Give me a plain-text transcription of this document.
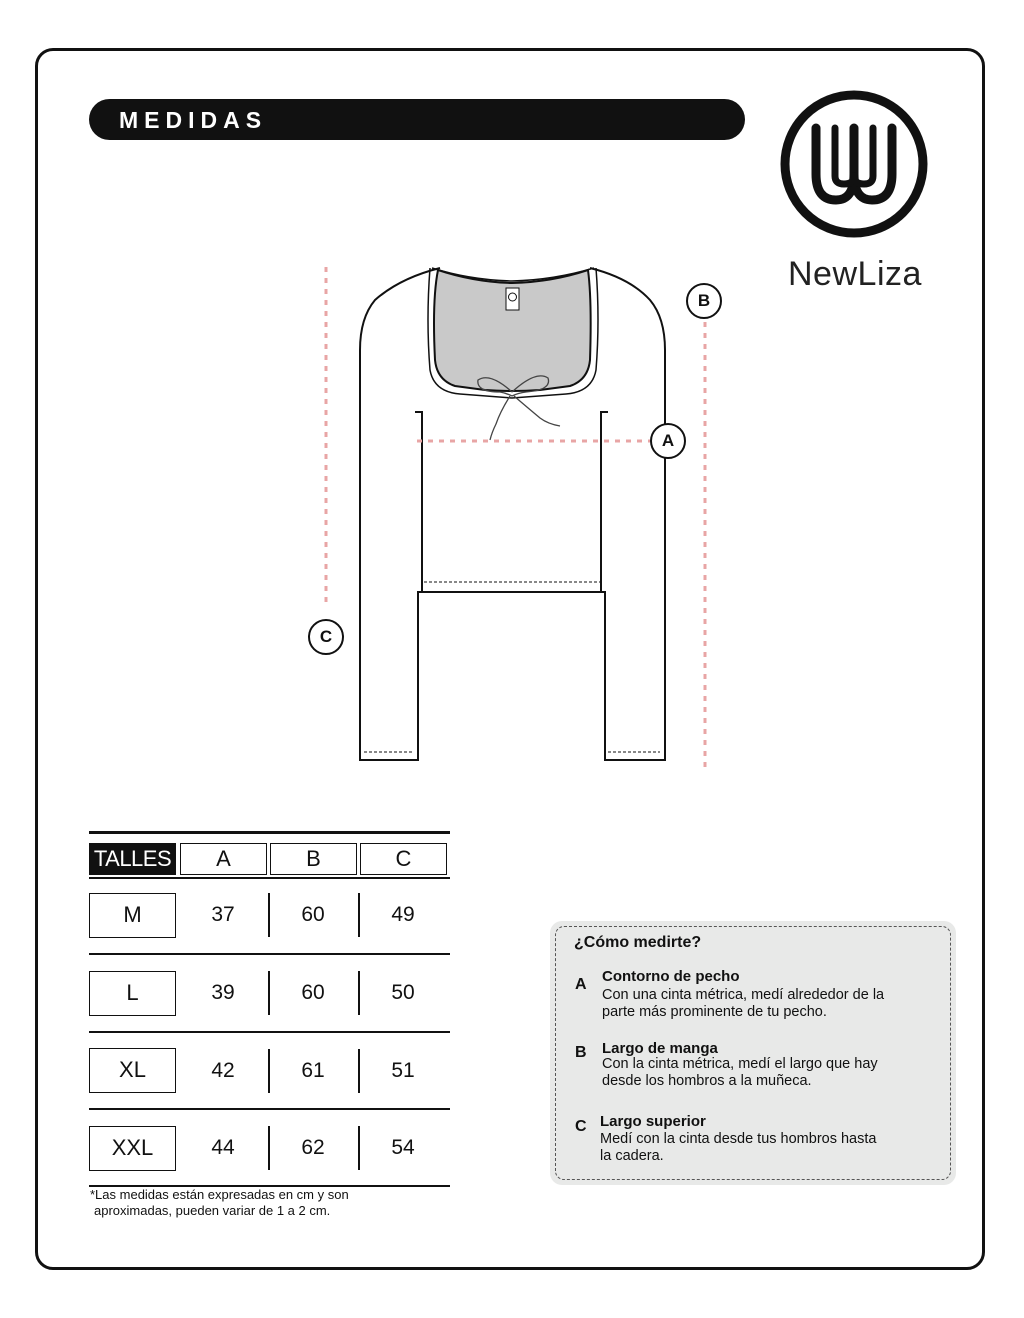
MEDIDAS
NewLiza
A
B
C
TALLES	A	B	C
M	37	60	49
L	39	60	50
XL	42	61	51
XXL	44	62	54
*Las medidas están expresadas en cm y son
aproximadas, pueden variar de 1 a 2 cm.
¿Cómo medirte?
A Contorno de pecho
Con una cinta métrica, medí alrededor de la
parte más prominente de tu pecho.
B Largo de manga
Con la cinta métrica, medí el largo que hay
desde los hombros a la muñeca.
C Largo superior
Medí con la cinta desde tus hombros hasta
la cadera.
